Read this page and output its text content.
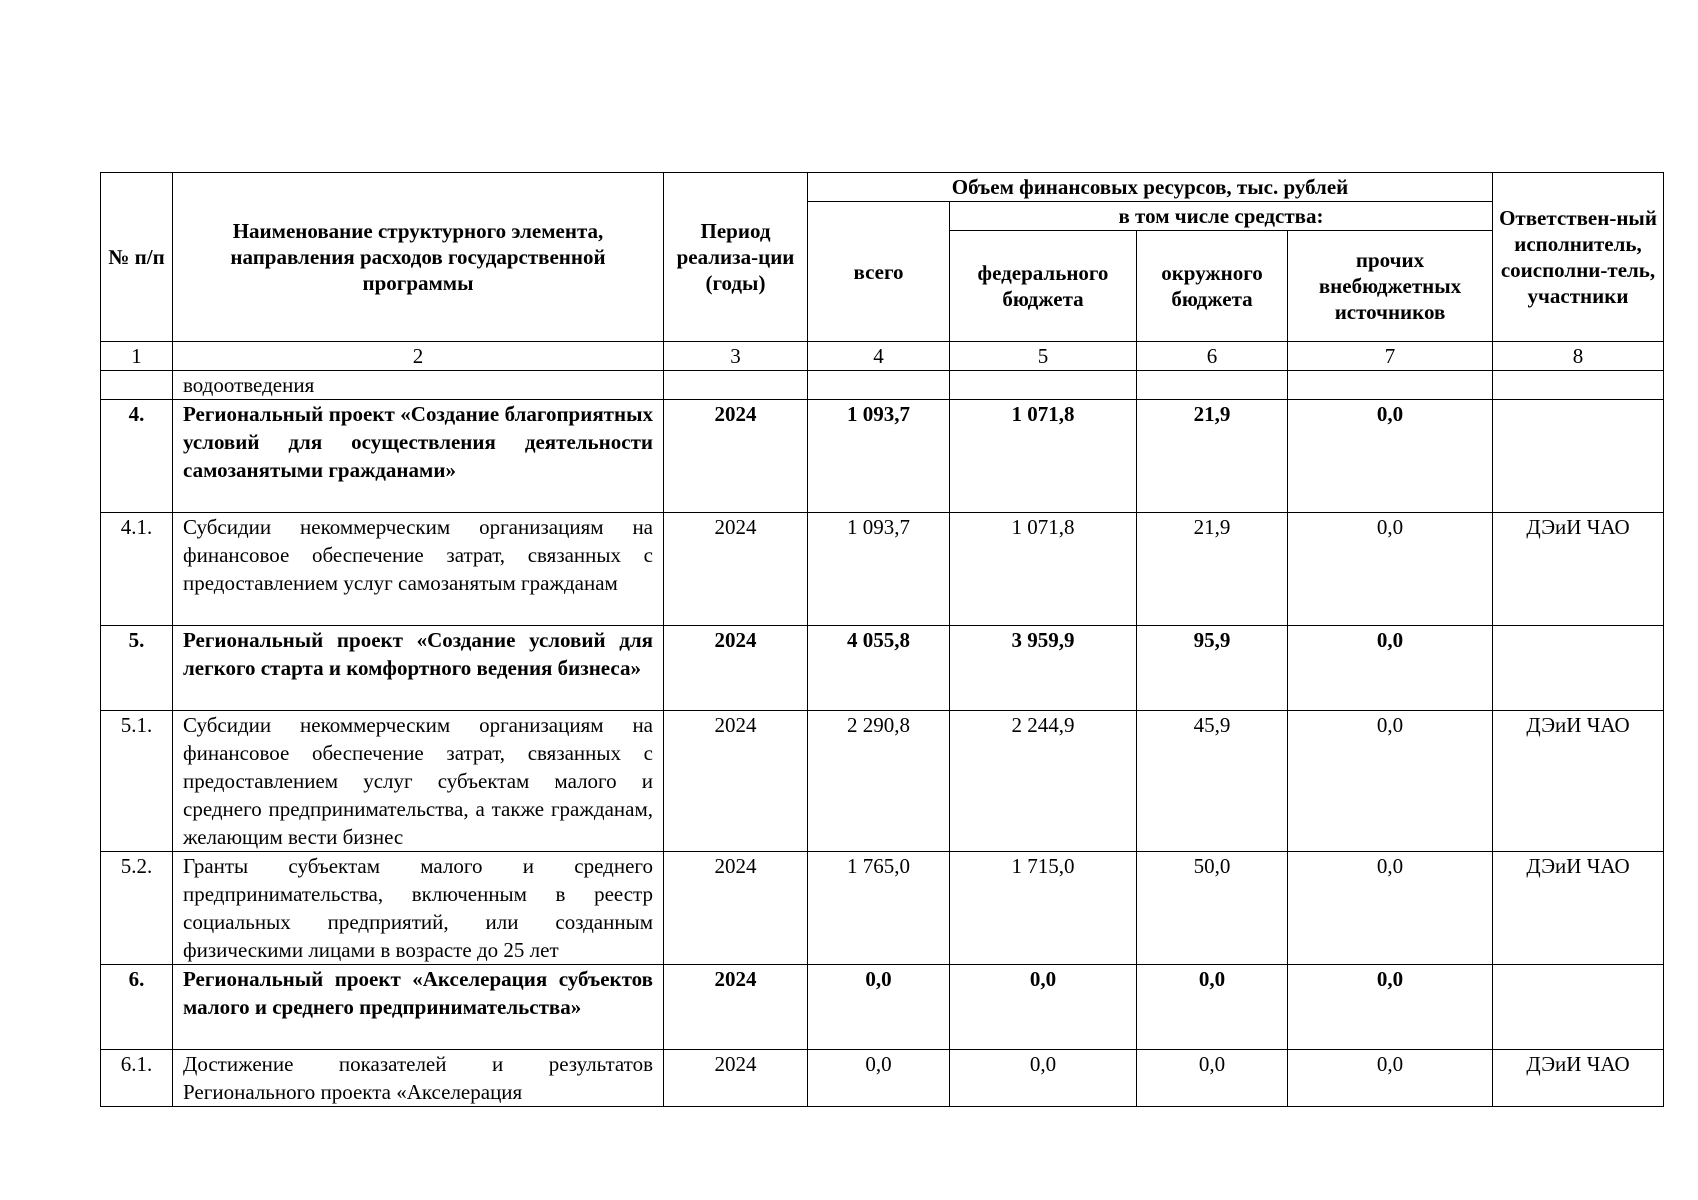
№ п/п	Наименование структурного элемента, направления расходов государственной программы	Период реализа-ции (годы)	Объем финансовых ресурсов, тыс. рублей				Ответствен-ный исполнитель, соисполни-тель, участники
			всего	в том числе средства:			
				федерального бюджета	окружного бюджета	прочих внебюджетных источников	
1	2	3	4	5	6	7	8
	водоотведения						
4.	Региональный проект «Создание благоприятных условий для осуществления деятельности самозанятыми гражданами»	2024	1 093,7	1 071,8	21,9	0,0	
4.1.	Субсидии некоммерческим организациям на финансовое обеспечение затрат, связанных с предоставлением услуг самозанятым гражданам	2024	1 093,7	1 071,8	21,9	0,0	ДЭиИ ЧАО
5.	Региональный проект «Создание условий для легкого старта и комфортного ведения бизнеса»	2024	4 055,8	3 959,9	95,9	0,0	
5.1.	Субсидии некоммерческим организациям на финансовое обеспечение затрат, связанных с предоставлением услуг субъектам малого и среднего предпринимательства, а также гражданам, желающим вести бизнес	2024	2 290,8	2 244,9	45,9	0,0	ДЭиИ ЧАО
5.2.	Гранты субъектам малого и среднего предпринимательства, включенным в реестр социальных предприятий, или созданным физическими лицами в возрасте до 25 лет	2024	1 765,0	1 715,0	50,0	0,0	ДЭиИ ЧАО
6.	Региональный проект «Акселерация субъектов малого и среднего предпринимательства»	2024	0,0	0,0	0,0	0,0	
6.1.	Достижение показателей и результатов Регионального проекта «Акселерация	2024	0,0	0,0	0,0	0,0	ДЭиИ ЧАО
